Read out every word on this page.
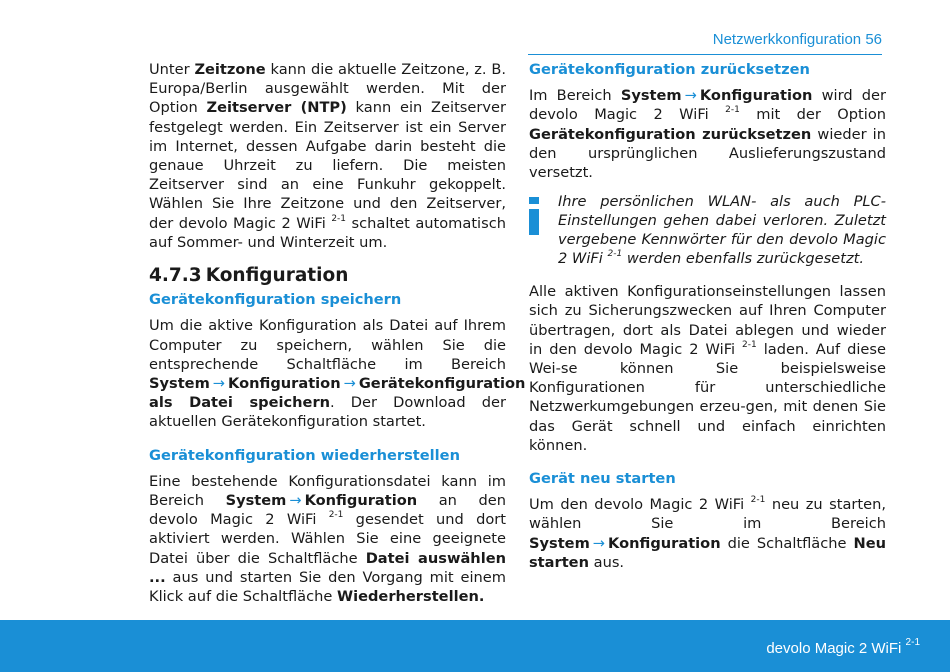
Netzwerkkonfiguration 56

Unter Zeitzone kann die aktuelle Zeitzone, z. B. Europa/Berlin ausgewählt werden. Mit der Option Zeitserver (NTP) kann ein Zeitserver festgelegt werden. Ein Zeitserver ist ein Server im Internet, dessen Aufgabe darin besteht die genaue Uhrzeit zu liefern. Die meisten Zeitserver sind an eine Funkuhr gekoppelt. Wählen Sie Ihre Zeitzone und den Zeitserver, der devolo Magic 2 WiFi $^{2-1}$ schaltet automatisch auf Sommer- und Winterzeit um.

4.7.3 Konfiguration
Gerätekonfiguration speichern

Um die aktive Konfiguration als Datei auf Ihrem Computer zu speichern, wählen Sie die entsprechende Schaltfläche im Bereich System → Konfiguration → Gerätekonfiguration als Datei speichern. Der Download der aktuellen Gerätekonfiguration startet.

Gerätekonfiguration wiederherstellen

Eine bestehende Konfigurationsdatei kann im Bereich System → Konfiguration an den devolo Magic 2 WiFi $^{2-1}$ gesendet und dort aktiviert werden. Wählen Sie eine geeignete Datei über die Schaltfläche Datei auswählen ... aus und starten Sie den Vorgang mit einem Klick auf die Schaltfläche Wiederherstellen.

Gerätekonfiguration zurücksetzen

Im Bereich System → Konfiguration wird der devolo Magic 2 WiFi $^{2-1}$ mit der Option Gerätekonfiguration zurücksetzen wieder in den ursprünglichen Auslieferungszustand versetzt.

Ihre persönlichen WLAN- als auch PLC-Einstellungen gehen dabei verloren. Zuletzt vergebene Kennwörter für den devolo Magic 2 WiFi $^{2-1}$ werden ebenfalls zurückgesetzt.

Alle aktiven Konfigurationseinstellungen lassen sich zu Sicherungszwecken auf Ihren Computer übertragen, dort als Datei ablegen und wieder in den devolo Magic 2 WiFi $^{2-1}$ laden. Auf diese Wei-se können Sie beispielsweise Konfigurationen für unterschiedliche Netzwerkumgebungen erzeu-gen, mit denen Sie das Gerät schnell und einfach einrichten können.

Gerät neu starten

Um den devolo Magic 2 WiFi $^{2-1}$ neu zu starten, wählen Sie im Bereich System → Konfiguration die Schaltfläche Neu starten aus.

devolo Magic 2 WiFi $^{2-1}$
